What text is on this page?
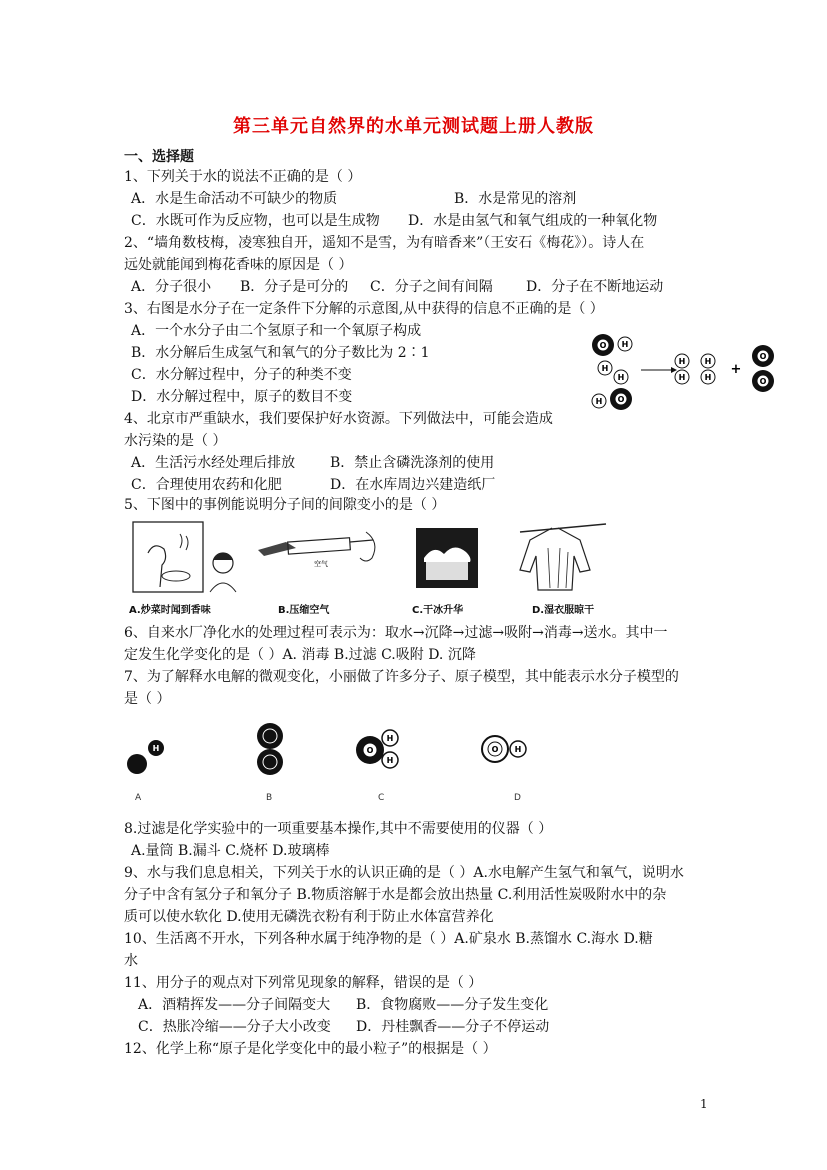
第三单元自然界的水单元测试题上册人教版
一、选择题
1、下列关于水的说法不正确的是（ ）
A．水是生命活动不可缺少的物质	B．水是常见的溶剂
C．水既可作为反应物，也可以是生成物 D．水是由氢气和氧气组成的一种氧化物
2、“墙角数枝梅，凌寒独自开，遥知不是雪，为有暗香来”（王安石《梅花》）。诗人在
远处就能闻到梅花香味的原因是（ ）
A．分子很小 B．分子是可分的 C．分子之间有间隔 D．分子在不断地运动
3、右图是水分子在一定条件下分解的示意图,从中获得的信息不正确的是（ ）
A．一个水分子由二个氢原子和一个氧原子构成
B．水分解后生成氢气和氧气的分子数比为 2∶1
C．水分解过程中，分子的种类不变
D．水分解过程中，原子的数目不变
O H
H
H
O
H
H
H
H
H
+
O
O
4、北京市严重缺水，我们要保护好水资源。下列做法中，可能会造成
水污染的是（ ）
A．生活污水经处理后排放 B．禁止含磷洗涤剂的使用
C．合理使用农药和化肥	D．在水库周边兴建造纸厂
5、下图中的事例能说明分子间的间隙变小的是（ ）
空气
A.炒菜时闻到香味	B.压缩空气	C.干冰升华	D.湿衣服晾干
6、自来水厂净化水的处理过程可表示为：取水→沉降→过滤→吸附→消毒→送水。其中一
定发生化学变化的是（ ）A. 消毒 B.过滤 C.吸附 D. 沉降
7、为了解释水电解的微观变化，小丽做了许多分子、原子模型，其中能表示水分子模型的
是（ ）
H	O
H
H
O H
A	B	C	D
8.过滤是化学实验中的一项重要基本操作,其中不需要使用的仪器（ ）
A.量筒 B.漏斗 C.烧杯 D.玻璃棒
9、水与我们息息相关，下列关于水的认识正确的是（ ）A.水电解产生氢气和氧气，说明水
分子中含有氢分子和氧分子 B.物质溶解于水是都会放出热量 C.利用活性炭吸附水中的杂
质可以使水软化 D.使用无磷洗衣粉有利于防止水体富营养化
10、生活离不开水，下列各种水属于纯净物的是（ ）A.矿泉水 B.蒸馏水 C.海水 D.糖
水
11、用分子的观点对下列常见现象的解释，错误的是（ ）
A．酒精挥发——分子间隔变大 B．食物腐败——分子发生变化
C．热胀冷缩——分子大小改变 D．丹桂飘香——分子不停运动
12、化学上称“原子是化学变化中的最小粒子”的根据是（ ）
1
